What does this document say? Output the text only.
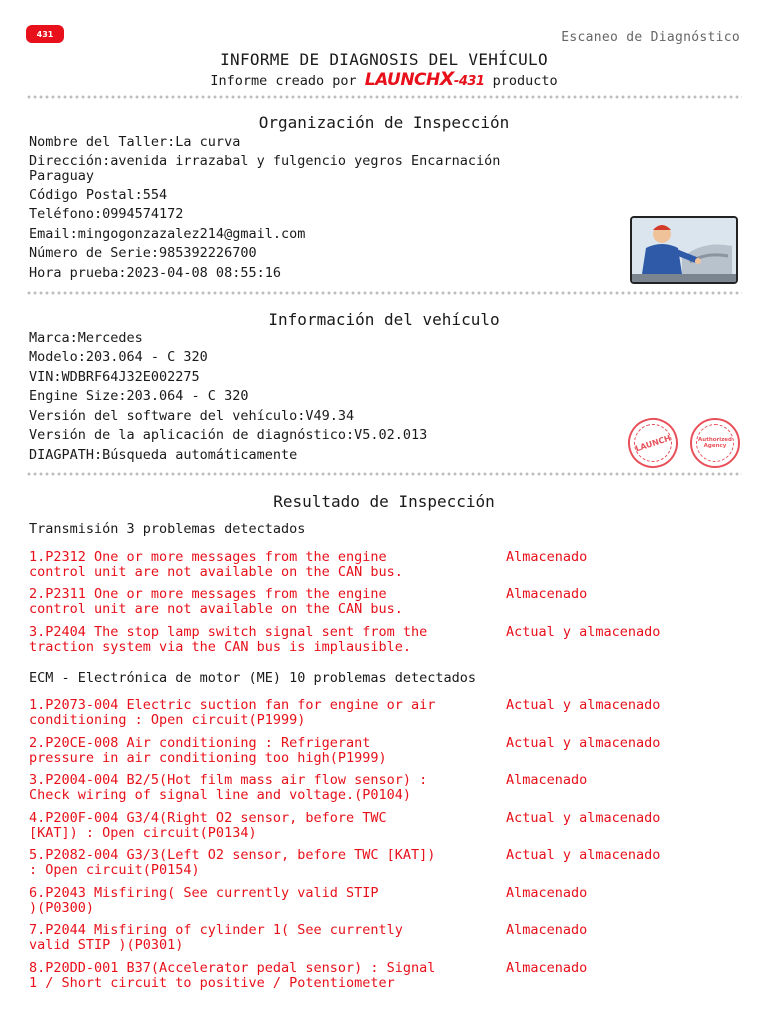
431	Escaneo de Diagnóstico
INFORME DE DIAGNOSIS DEL VEHÍCULO
Informe creado por LAUNCHX-431 producto
Organización de Inspección
Nombre del Taller:La curva
Dirección:avenida irrazabal y fulgencio yegros Encarnación
Paraguay
Código Postal:554
Teléfono:0994574172
Email:mingogonzazalez214@gmail.com
Número de Serie:985392226700
Hora prueba:2023-04-08 08:55:16
Información del vehículo
Marca:Mercedes
Modelo:203.064 - C 320
VIN:WDBRF64J32E002275
Engine Size:203.064 - C 320
Versión del software del vehículo:V49.34
Versión de la aplicación de diagnóstico:V5.02.013
DIAGPATH:Búsqueda automáticamente
LAUNCH	Authorized Agency
Resultado de Inspección
Transmisión 3 problemas detectados
1.P2312 One or more messages from the engine
control unit are not available on the CAN bus.
Almacenado
2.P2311 One or more messages from the engine
control unit are not available on the CAN bus.
Almacenado
3.P2404 The stop lamp switch signal sent from the
traction system via the CAN bus is implausible.
Actual y almacenado
ECM - Electrónica de motor (ME) 10 problemas detectados
1.P2073-004 Electric suction fan for engine or air
conditioning : Open circuit(P1999)
Actual y almacenado
2.P20CE-008 Air conditioning : Refrigerant
pressure in air conditioning too high(P1999)
Actual y almacenado
3.P2004-004 B2/5(Hot film mass air flow sensor) :
Check wiring of signal line and voltage.(P0104)
Almacenado
4.P200F-004 G3/4(Right O2 sensor, before TWC
[KAT]) : Open circuit(P0134)
Actual y almacenado
5.P2082-004 G3/3(Left O2 sensor, before TWC [KAT])
: Open circuit(P0154)
Actual y almacenado
6.P2043 Misfiring( See currently valid STIP
)(P0300)
Almacenado
7.P2044 Misfiring of cylinder 1( See currently
valid STIP )(P0301)
Almacenado
8.P20DD-001 B37(Accelerator pedal sensor) : Signal
1 / Short circuit to positive / Potentiometer
Almacenado
